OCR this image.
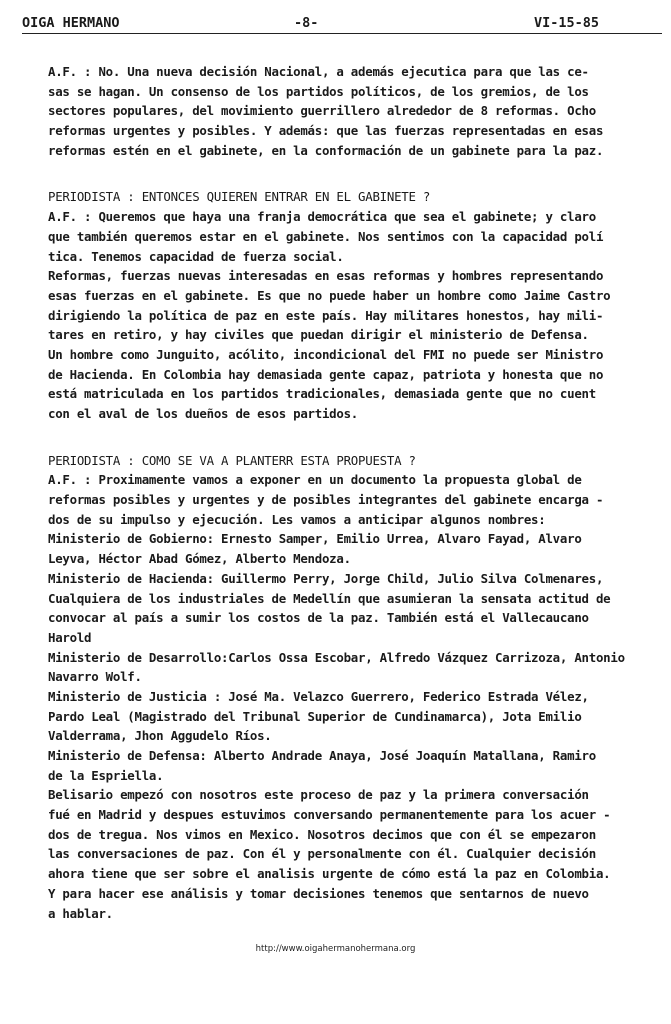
OIGA HERMANO	-8-	VI-15-85
A.F. : No. Una nueva decisión Nacional, a además ejecutica para que las ce-
sas se hagan. Un consenso de los partidos políticos, de los gremios, de los
sectores populares, del movimiento guerrillero alrededor de 8 reformas. Ocho
reformas urgentes y posibles. Y además: que las fuerzas representadas en esas
reformas estén en el gabinete, en la conformación de un gabinete para la paz.
PERIODISTA : ENTONCES QUIEREN ENTRAR EN EL GABINETE ?
A.F. : Queremos que haya una franja democrática que sea el gabinete; y claro
que también queremos estar en el gabinete. Nos sentimos con la capacidad polí
tica. Tenemos capacidad de fuerza social.
Reformas, fuerzas nuevas interesadas en esas reformas y hombres representando
esas fuerzas en el gabinete. Es que no puede haber un hombre como Jaime Castro
dirigiendo la política de paz en este país. Hay militares honestos, hay mili-
tares en retiro, y hay civiles que puedan dirigir el ministerio de Defensa.
Un hombre como Junguito, acólito, incondicional del FMI no puede ser Ministro
de Hacienda. En Colombia hay demasiada gente capaz, patriota y honesta que no
está matriculada en los partidos tradicionales, demasiada gente que no cuent
con el aval de los dueños de esos partidos.
PERIODISTA : COMO SE VA A PLANTERR ESTA PROPUESTA ?
A.F. : Proximamente vamos a exponer en un documento la propuesta global de
reformas posibles y urgentes y de posibles integrantes del gabinete encarga -
dos de su impulso y ejecución. Les vamos a anticipar algunos nombres:
Ministerio de Gobierno: Ernesto Samper, Emilio Urrea, Alvaro Fayad, Alvaro
Leyva, Héctor Abad Gómez, Alberto Mendoza.
Ministerio de Hacienda: Guillermo Perry, Jorge Child, Julio Silva Colmenares,
Cualquiera de los industriales de Medellín que asumieran la sensata actitud de
convocar al país a sumir los costos de la paz. También está el Vallecaucano
Harold
Ministerio de Desarrollo:Carlos Ossa Escobar, Alfredo Vázquez Carrizoza, Antonio
Navarro Wolf.
Ministerio de Justicia : José Ma. Velazco Guerrero, Federico Estrada Vélez,
Pardo Leal (Magistrado del Tribunal Superior de Cundinamarca), Jota Emilio
Valderrama, Jhon Aggudelo Ríos.
Ministerio de Defensa: Alberto Andrade Anaya, José Joaquín Matallana, Ramiro
de la Espriella.
Belisario empezó con nosotros este proceso de paz y la primera conversación
fué en Madrid y despues estuvimos conversando permanentemente para los acuer -
dos de tregua. Nos vimos en Mexico. Nosotros decimos que con él se empezaron
las conversaciones de paz. Con él y personalmente con él. Cualquier decisión
ahora tiene que ser sobre el analisis urgente de cómo está la paz en Colombia.
Y para hacer ese análisis y tomar decisiones tenemos que sentarnos de nuevo
a hablar.
http://www.oigahermanohermana.org
